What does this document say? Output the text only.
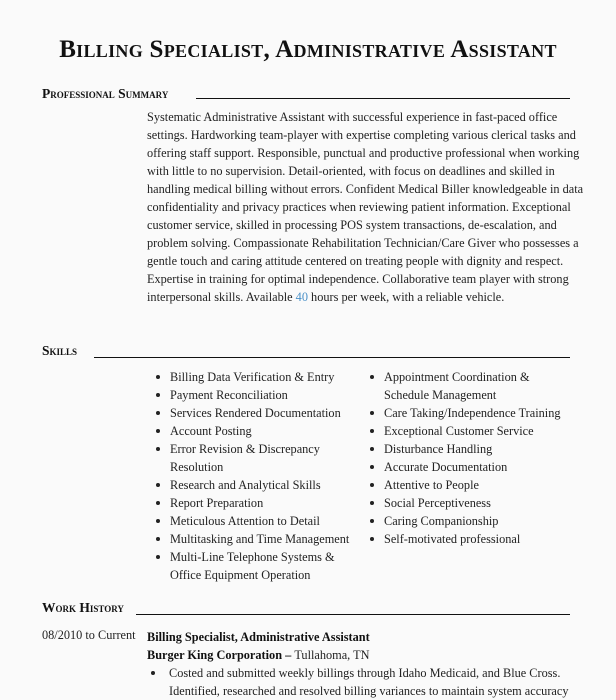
Billing Specialist, Administrative Assistant
Professional Summary

Systematic Administrative Assistant with successful experience in fast-paced office settings. Hardworking team-player with expertise completing various clerical tasks and offering staff support. Responsible, punctual and productive professional when working with little to no supervision. Detail-oriented, with focus on deadlines and skilled in handling medical billing without errors. Confident Medical Biller knowledgeable in data confidentiality and privacy practices when reviewing patient information. Exceptional customer service, skilled in processing POS system transactions, de-escalation, and problem solving. Compassionate Rehabilitation Technician/Care Giver who possesses a gentle touch and caring attitude centered on treating people with dignity and respect. Expertise in training for optimal independence. Collaborative team player with strong interpersonal skills. Available 40 hours per week, with a reliable vehicle.

Skills
Billing Data Verification & Entry
Payment Reconciliation
Services Rendered Documentation
Account Posting
Error Revision & Discrepancy Resolution
Research and Analytical Skills
Report Preparation
Meticulous Attention to Detail
Multitasking and Time Management
Multi-Line Telephone Systems & Office Equipment Operation
Appointment Coordination & Schedule Management
Care Taking/Independence Training
Exceptional Customer Service
Disturbance Handling
Accurate Documentation
Attentive to People
Social Perceptiveness
Caring Companionship
Self-motivated professional
Work History
08/2010 to Current Billing Specialist, Administrative Assistant
Burger King Corporation – Tullahoma, TN
Costed and submitted weekly billings through Idaho Medicaid, and Blue Cross.
Identified, researched and resolved billing variances to maintain system accuracy
